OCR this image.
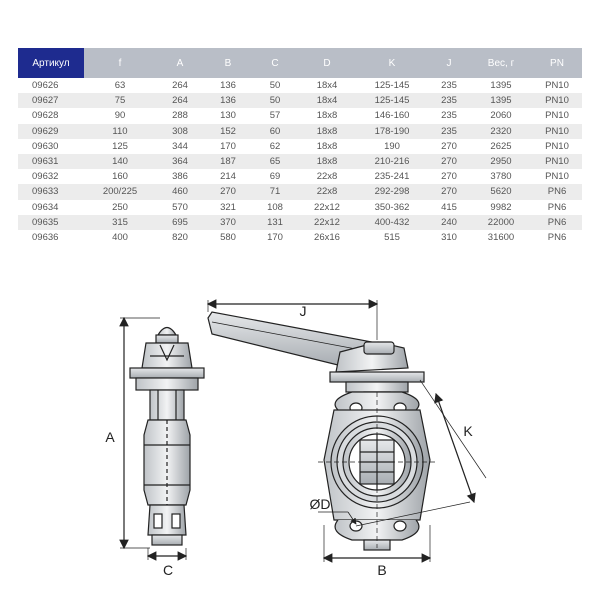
Артикул	f	A	B	C	D	K	J	Вес, г	PN
09626	63	264	136	50	18x4	125-145	235	1395	PN10
09627	75	264	136	50	18x4	125-145	235	1395	PN10
09628	90	288	130	57	18x8	146-160	235	2060	PN10
09629	110	308	152	60	18x8	178-190	235	2320	PN10
09630	125	344	170	62	18x8	190	270	2625	PN10
09631	140	364	187	65	18x8	210-216	270	2950	PN10
09632	160	386	214	69	22x8	235-241	270	3780	PN10
09633	200/225	460	270	71	22x8	292-298	270	5620	PN6
09634	250	570	321	108	22x12	350-362	415	9982	PN6
09635	315	695	370	131	22x12	400-432	240	22000	PN6
09636	400	820	580	170	26x16	515	310	31600	PN6
A
C
J
K
B
ØD
